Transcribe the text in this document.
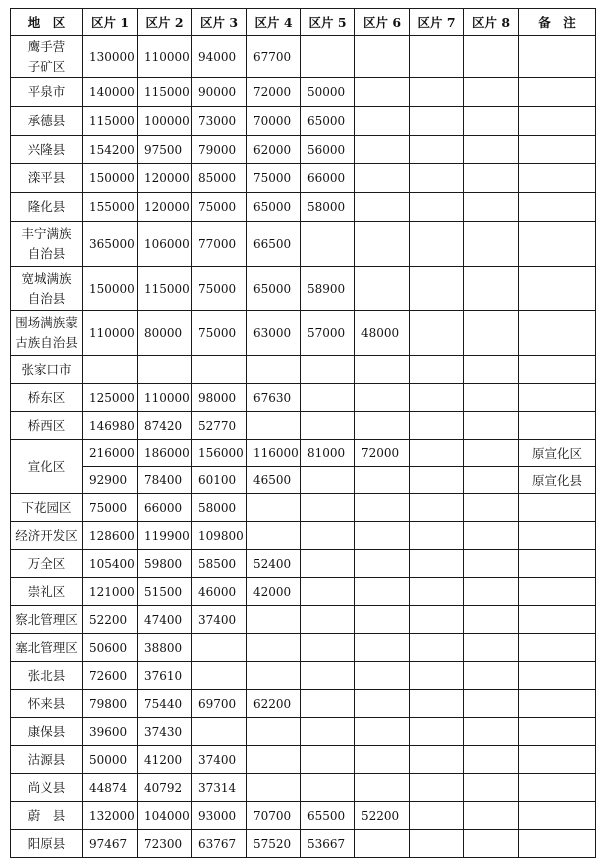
地　区	区片 1	区片 2	区片 3	区片 4	区片 5	区片 6	区片 7	区片 8	备　注

鹰手营
子矿区	130000	110000	94000	67700					

平泉市	140000	115000	90000	72000	50000				

承德县	115000	100000	73000	70000	65000				

兴隆县	154200	97500	79000	62000	56000				

滦平县	150000	120000	85000	75000	66000				

隆化县	155000	120000	75000	65000	58000				

丰宁满族
自治县	365000	106000	77000	66500					

宽城满族
自治县	150000	115000	75000	65000	58900				

围场满族蒙
古族自治县	110000	80000	75000	63000	57000	48000			

张家口市									

桥东区	125000	110000	98000	67630					

桥西区	146980	87420	52770						

宣化区	216000	186000	156000	116000	81000	72000			原宣化区
	92900	78400	60100	46500					原宣化县

下花园区	75000	66000	58000						

经济开发区	128600	119900	109800						

万全区	105400	59800	58500	52400					

崇礼区	121000	51500	46000	42000					

察北管理区	52200	47400	37400						

塞北管理区	50600	38800							

张北县	72600	37610							

怀来县	79800	75440	69700	62200					

康保县	39600	37430							

沽源县	50000	41200	37400						

尚义县	44874	40792	37314						

蔚　县	132000	104000	93000	70700	65500	52200			

阳原县	97467	72300	63767	57520	53667				
